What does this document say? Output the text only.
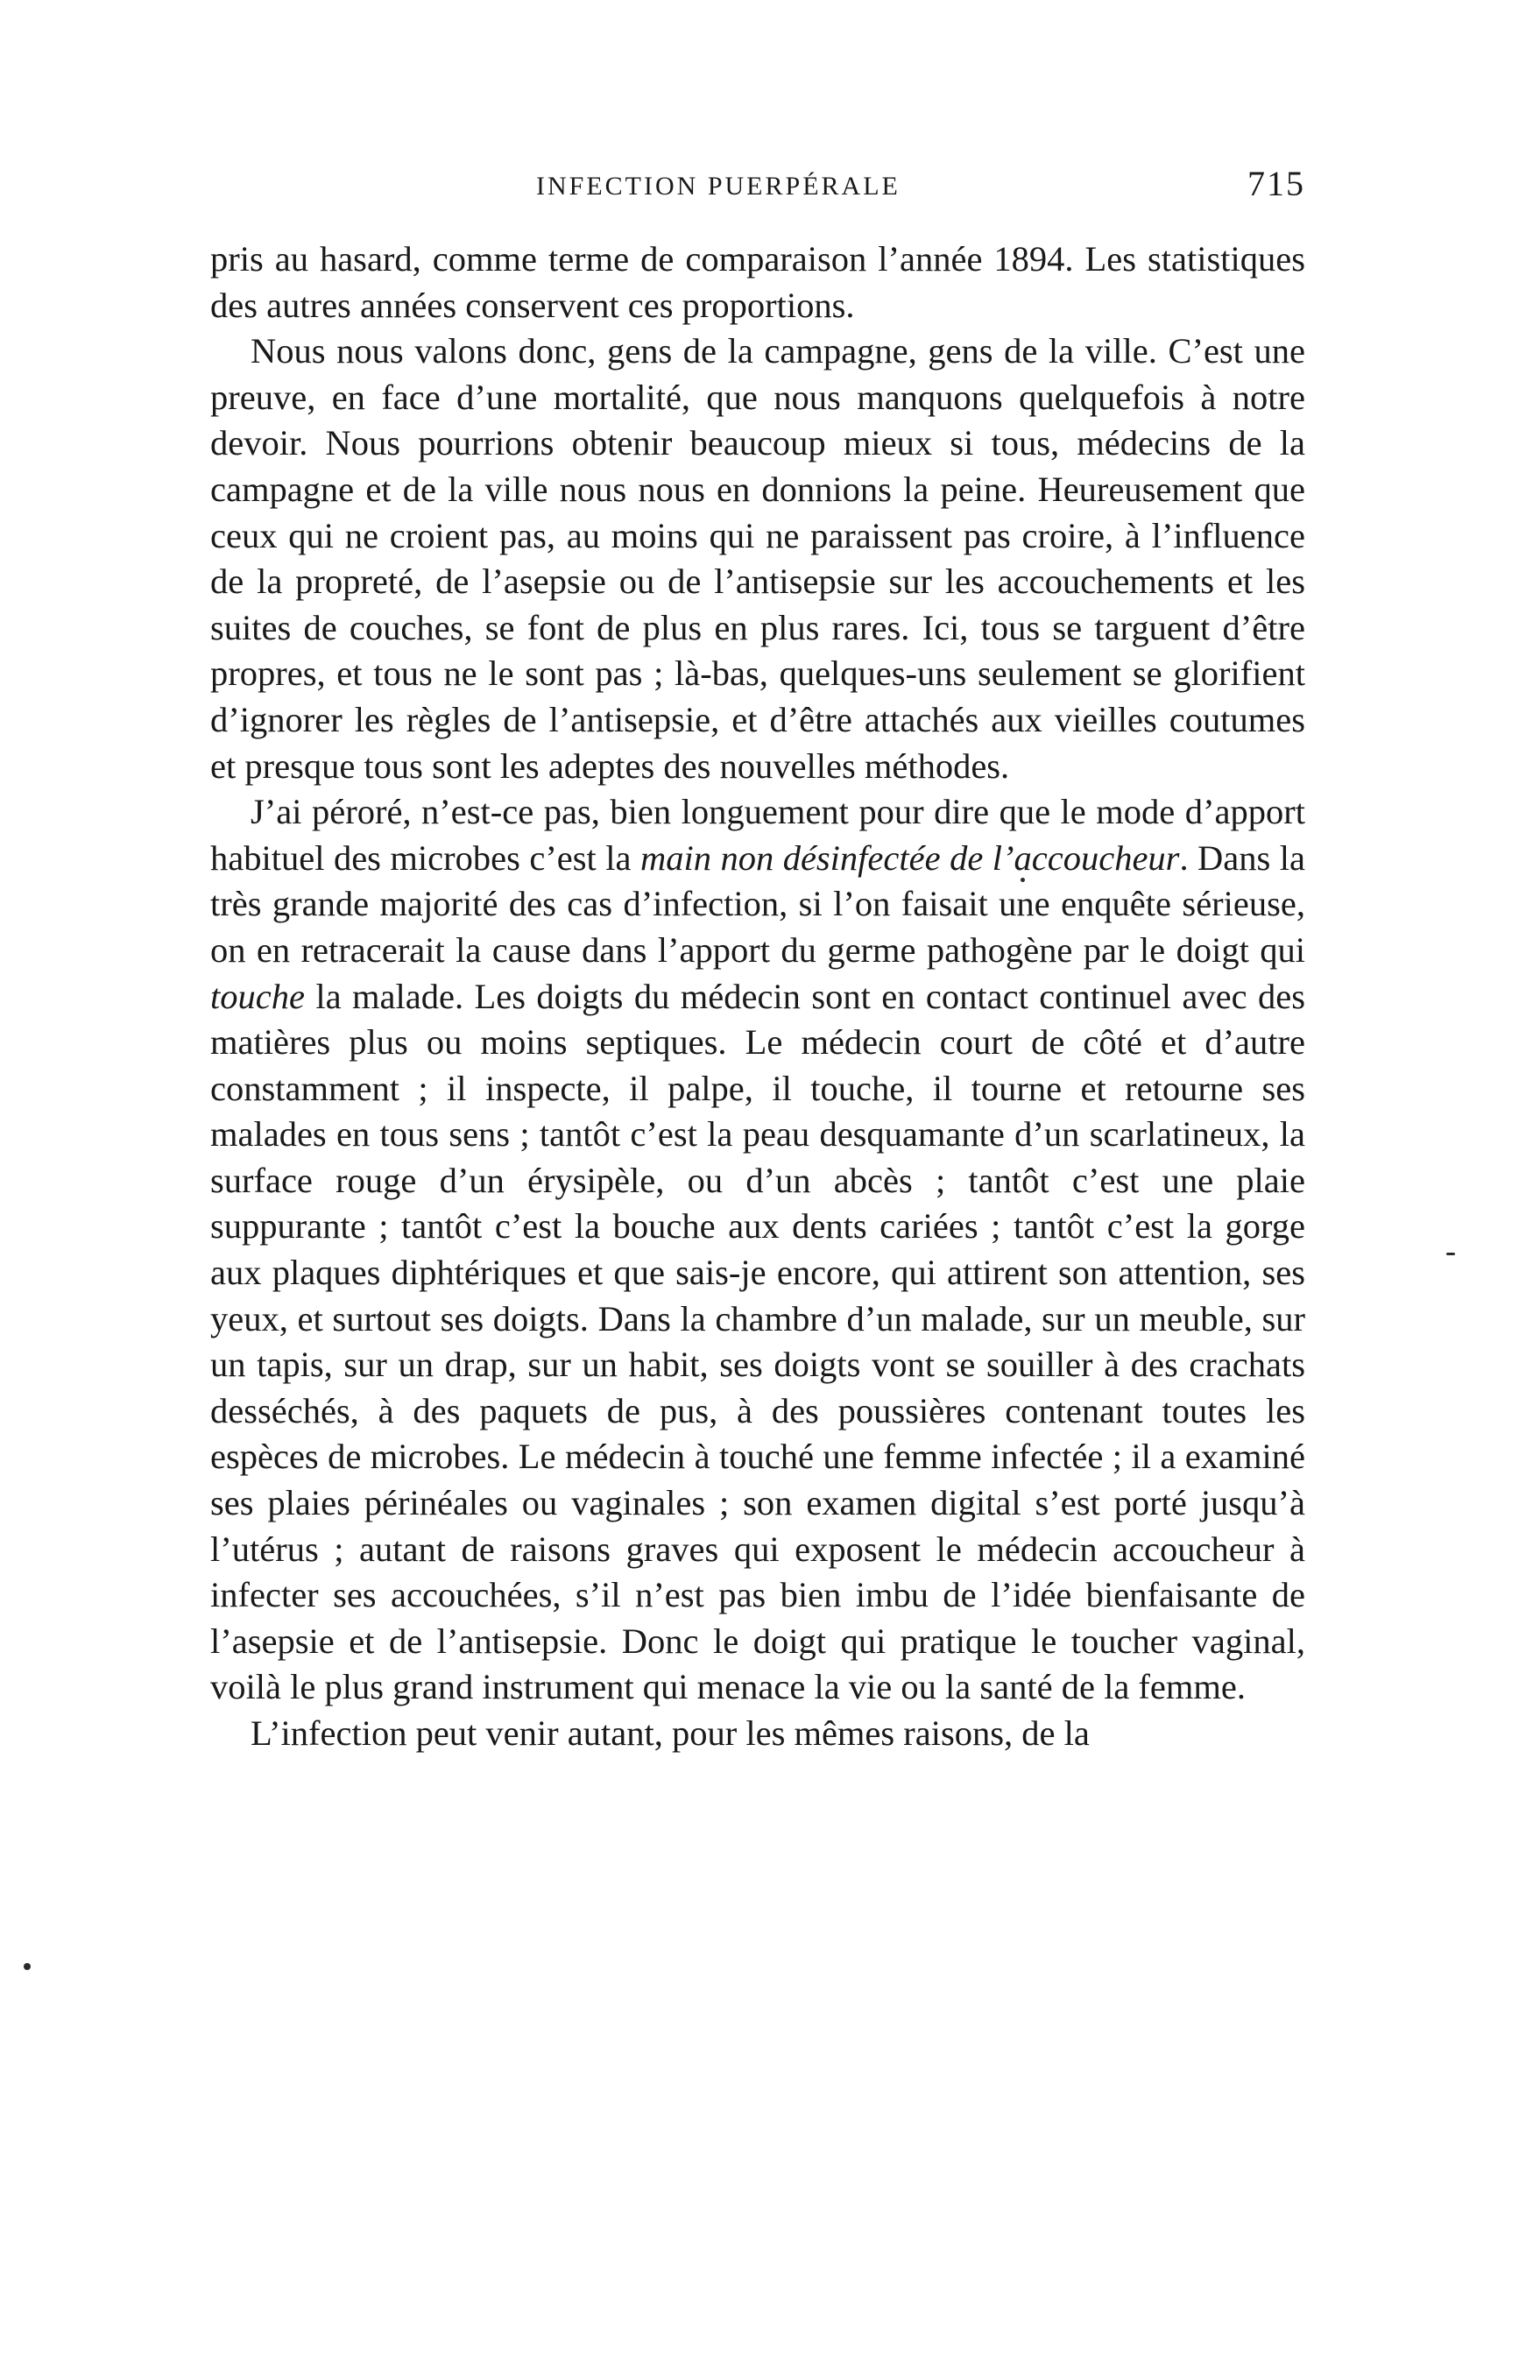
INFECTION PUERPÉRALE	715

pris au hasard, comme terme de comparaison l’année 1894. Les statistiques des autres années conservent ces proportions.

Nous nous valons donc, gens de la campagne, gens de la ville. C’est une preuve, en face d’une mortalité, que nous manquons quelquefois à notre devoir. Nous pourrions obtenir beaucoup mieux si tous, médecins de la campagne et de la ville nous nous en donnions la peine. Heureusement que ceux qui ne croient pas, au moins qui ne paraissent pas croire, à l’influence de la propreté, de l’asepsie ou de l’antisepsie sur les accouchements et les suites de couches, se font de plus en plus rares. Ici, tous se targuent d’être propres, et tous ne le sont pas ; là-bas, quelques-uns seulement se glorifient d’ignorer les règles de l’antisepsie, et d’être attachés aux vieilles coutumes et presque tous sont les adeptes des nouvelles méthodes.

J’ai péroré, n’est-ce pas, bien longuement pour dire que le mode d’apport habituel des microbes c’est la main non désinfectée de l’accoucheur. Dans la très grande majorité des cas d’infection, si l’on faisait une enquête sérieuse, on en retracerait la cause dans l’apport du germe pathogène par le doigt qui touche la malade. Les doigts du médecin sont en contact continuel avec des matières plus ou moins septiques. Le médecin court de côté et d’autre constamment ; il inspecte, il palpe, il touche, il tourne et retourne ses malades en tous sens ; tantôt c’est la peau desquamante d’un scarlatineux, la surface rouge d’un érysipèle, ou d’un abcès ; tantôt c’est une plaie suppurante ; tantôt c’est la bouche aux dents cariées ; tantôt c’est la gorge aux plaques diphtériques et que sais-je encore, qui attirent son attention, ses yeux, et surtout ses doigts. Dans la chambre d’un malade, sur un meuble, sur un tapis, sur un drap, sur un habit, ses doigts vont se souiller à des crachats desséchés, à des paquets de pus, à des poussières contenant toutes les espèces de microbes. Le médecin à touché une femme infectée ; il a examiné ses plaies périnéales ou vaginales ; son examen digital s’est porté jusqu’à l’utérus ; autant de raisons graves qui exposent le médecin accoucheur à infecter ses accouchées, s’il n’est pas bien imbu de l’idée bienfaisante de l’asepsie et de l’antisepsie. Donc le doigt qui pratique le toucher vaginal, voilà le plus grand instrument qui menace la vie ou la santé de la femme.

L’infection peut venir autant, pour les mêmes raisons, de la
